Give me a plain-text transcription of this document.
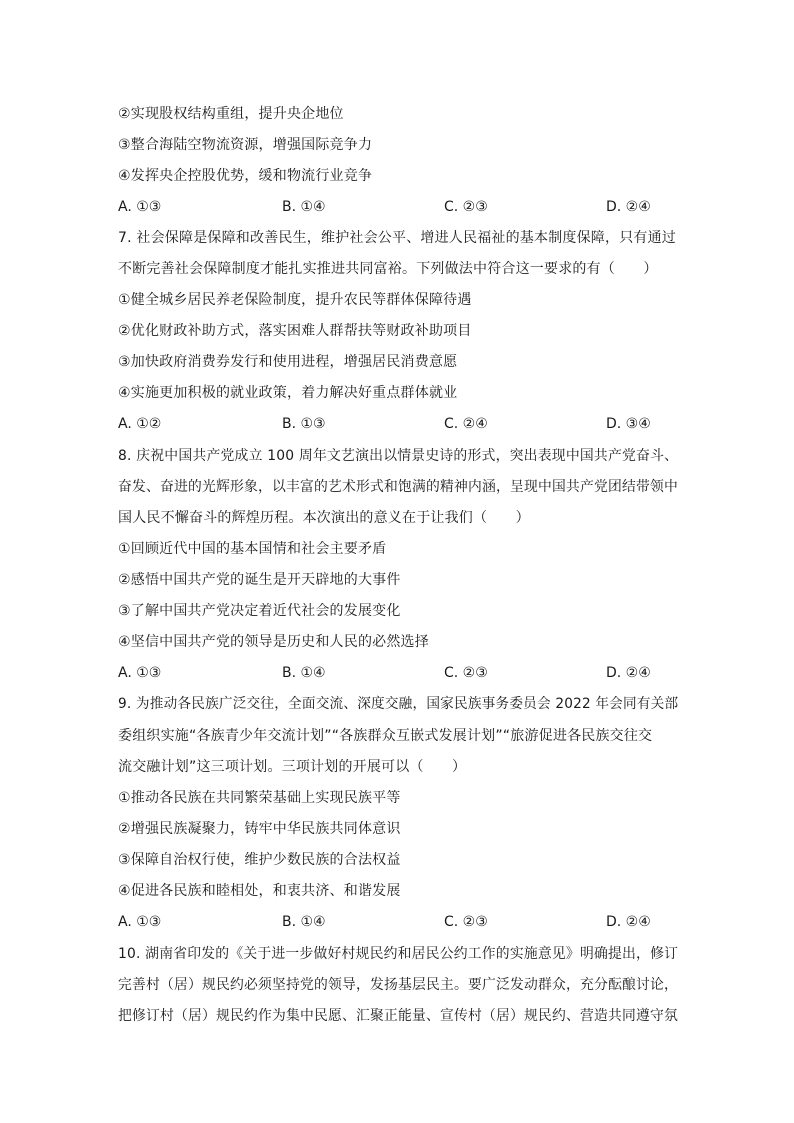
②实现股权结构重组，提升央企地位
③整合海陆空物流资源，增强国际竞争力
④发挥央企控股优势，缓和物流行业竞争
A. ①③	B. ①④	C. ②③	D. ②④
7. 社会保障是保障和改善民生，维护社会公平、增进人民福祉的基本制度保障，只有通过
不断完善社会保障制度才能扎实推进共同富裕。下列做法中符合这一要求的有（　　）
①健全城乡居民养老保险制度，提升农民等群体保障待遇
②优化财政补助方式，落实困难人群帮扶等财政补助项目
③加快政府消费券发行和使用进程，增强居民消费意愿
④实施更加积极的就业政策，着力解决好重点群体就业
A. ①②	B. ①③	C. ②④	D. ③④
8. 庆祝中国共产党成立 100 周年文艺演出以情景史诗的形式，突出表现中国共产党奋斗、
奋发、奋进的光辉形象，以丰富的艺术形式和饱满的精神内涵，呈现中国共产党团结带领中
国人民不懈奋斗的辉煌历程。本次演出的意义在于让我们（　　）
①回顾近代中国的基本国情和社会主要矛盾
②感悟中国共产党的诞生是开天辟地的大事件
③了解中国共产党决定着近代社会的发展变化
④坚信中国共产党的领导是历史和人民的必然选择
A. ①③	B. ①④	C. ②③	D. ②④
9. 为推动各民族广泛交往，全面交流、深度交融，国家民族事务委员会 2022 年会同有关部
委组织实施“各族青少年交流计划”“各族群众互嵌式发展计划”“旅游促进各民族交往交
流交融计划”这三项计划。三项计划的开展可以（　　）
①推动各民族在共同繁荣基础上实现民族平等
②增强民族凝聚力，铸牢中华民族共同体意识
③保障自治权行使，维护少数民族的合法权益
④促进各民族和睦相处，和衷共济、和谐发展
A. ①③	B. ①④	C. ②③	D. ②④
10. 湖南省印发的《关于进一步做好村规民约和居民公约工作的实施意见》明确提出，修订
完善村（居）规民约必须坚持党的领导，发扬基层民主。要广泛发动群众，充分酝酿讨论，
把修订村（居）规民约作为集中民愿、汇聚正能量、宣传村（居）规民约、营造共同遵守氛
